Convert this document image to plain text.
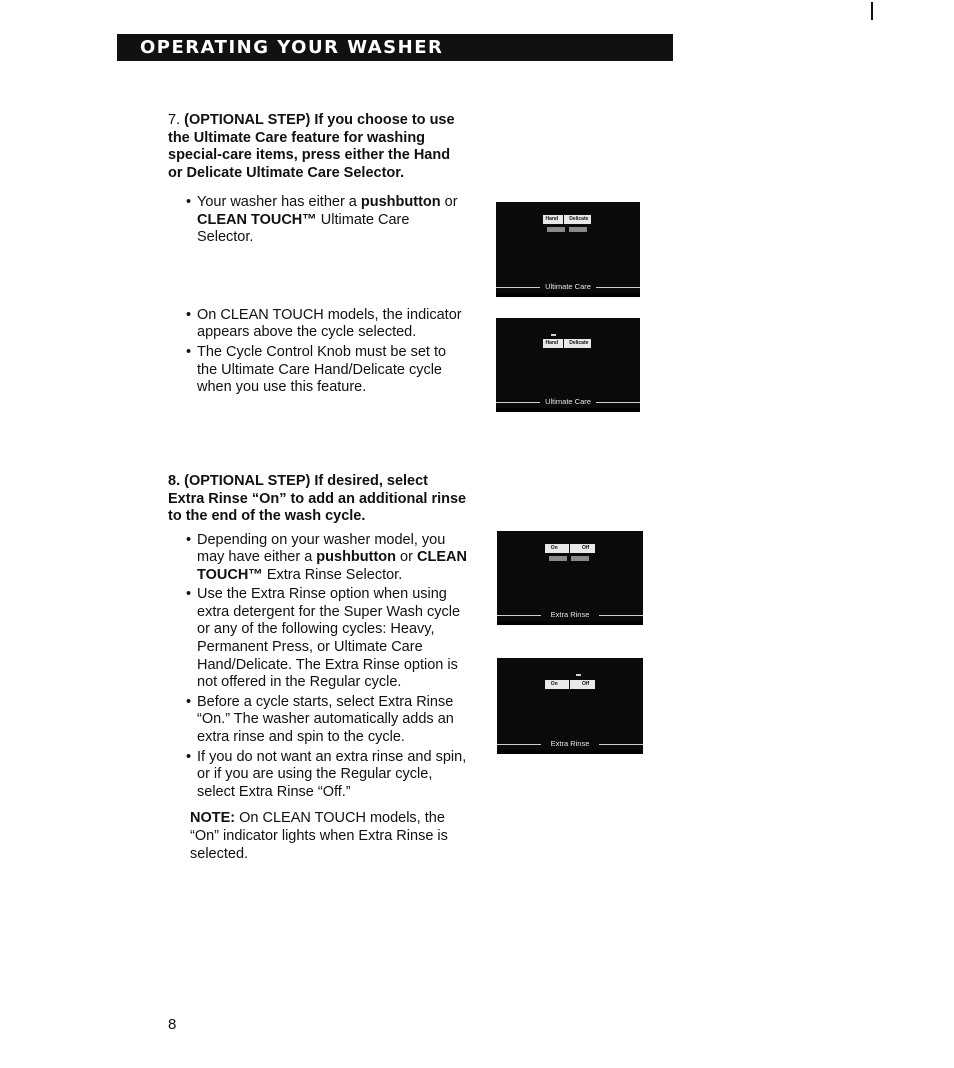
OPERATING YOUR WASHER

7. (OPTIONAL STEP) If you choose to use the Ultimate Care feature for washing special-care items, press either the Hand or Delicate Ultimate Care Selector.

• Your washer has either a pushbutton or CLEAN TOUCH™ Ultimate Care Selector.
• On CLEAN TOUCH models, the indicator appears above the cycle selected.
• The Cycle Control Knob must be set to the Ultimate Care Hand/Delicate cycle when you use this feature.

8. (OPTIONAL STEP) If desired, select Extra Rinse “On” to add an additional rinse to the end of the wash cycle.

• Depending on your washer model, you may have either a pushbutton or CLEAN TOUCH™ Extra Rinse Selector.
• Use the Extra Rinse option when using extra detergent for the Super Wash cycle or any of the following cycles: Heavy, Permanent Press, or Ultimate Care Hand/Delicate. The Extra Rinse option is not offered in the Regular cycle.
• Before a cycle starts, select Extra Rinse “On.” The washer automatically adds an extra rinse and spin to the cycle.
• If you do not want an extra rinse and spin, or if you are using the Regular cycle, select Extra Rinse “Off.”

NOTE: On CLEAN TOUCH models, the “On” indicator lights when Extra Rinse is selected.

Hand Delicate
Ultimate Care
Hand Delicate
Ultimate Care
On	Off
Extra Rinse
On	Off
Extra Rinse
8
